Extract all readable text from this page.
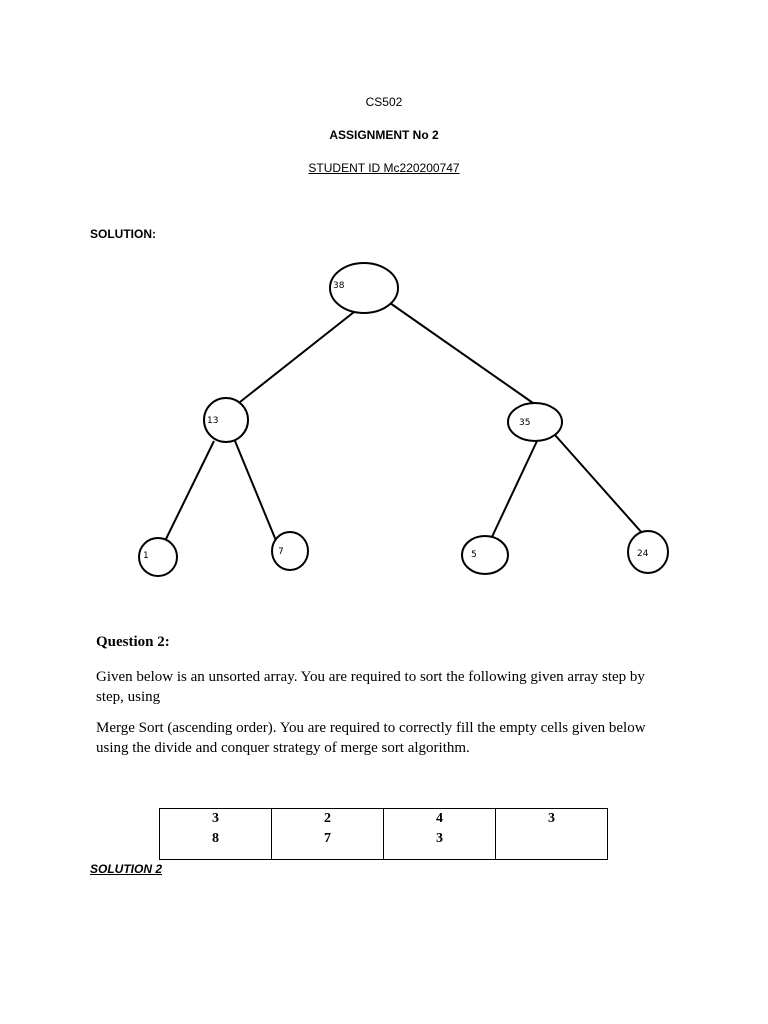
CS502
ASSIGNMENT No 2
STUDENT ID Mc220200747
SOLUTION:
38
13	35
1	7	5	24
Question 2:
Given below is an unsorted array. You are required to sort the following given array step by step, using
Merge Sort (ascending order). You are required to correctly fill the empty cells given below using the divide and conquer strategy of merge sort algorithm.
3
8

2
7

4
3

3
SOLUTION 2
